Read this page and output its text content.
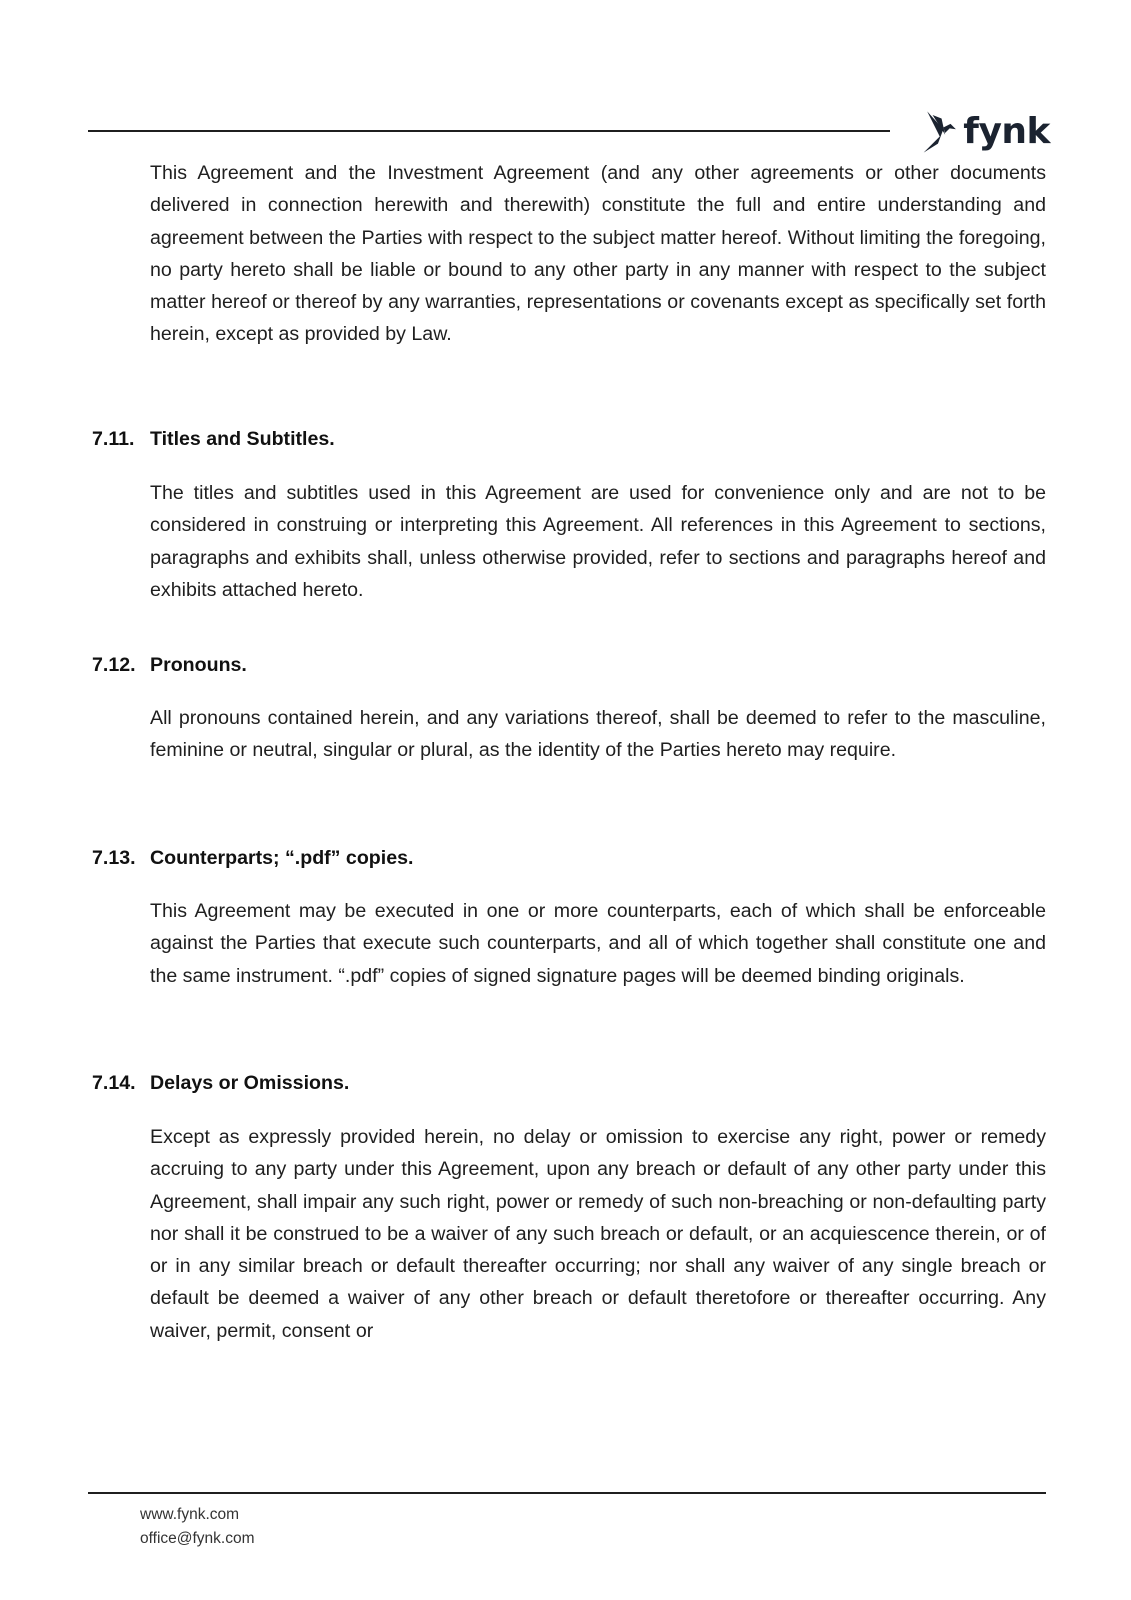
fynk

This Agreement and the Investment Agreement (and any other agreements or other documents delivered in connection herewith and therewith) constitute the full and entire understanding and agreement between the Parties with respect to the subject matter hereof. Without limiting the foregoing, no party hereto shall be liable or bound to any other party in any manner with respect to the subject matter hereof or thereof by any warranties, representations or covenants except as specifically set forth herein, except as provided by Law.

7.11. Titles and Subtitles.

The titles and subtitles used in this Agreement are used for convenience only and are not to be considered in construing or interpreting this Agreement. All references in this Agreement to sections, paragraphs and exhibits shall, unless otherwise provided, refer to sections and paragraphs hereof and exhibits attached hereto.

7.12. Pronouns.

All pronouns contained herein, and any variations thereof, shall be deemed to refer to the masculine, feminine or neutral, singular or plural, as the identity of the Parties hereto may require.

7.13. Counterparts; “.pdf” copies.

This Agreement may be executed in one or more counterparts, each of which shall be enforceable against the Parties that execute such counterparts, and all of which together shall constitute one and the same instrument. “.pdf” copies of signed signature pages will be deemed binding originals.

7.14. Delays or Omissions.

Except as expressly provided herein, no delay or omission to exercise any right, power or remedy accruing to any party under this Agreement, upon any breach or default of any other party under this Agreement, shall impair any such right, power or remedy of such non-breaching or non-defaulting party nor shall it be construed to be a waiver of any such breach or default, or an acquiescence therein, or of or in any similar breach or default thereafter occurring; nor shall any waiver of any single breach or default be deemed a waiver of any other breach or default theretofore or thereafter occurring. Any waiver, permit, consent or

www.fynk.com
office@fynk.com
